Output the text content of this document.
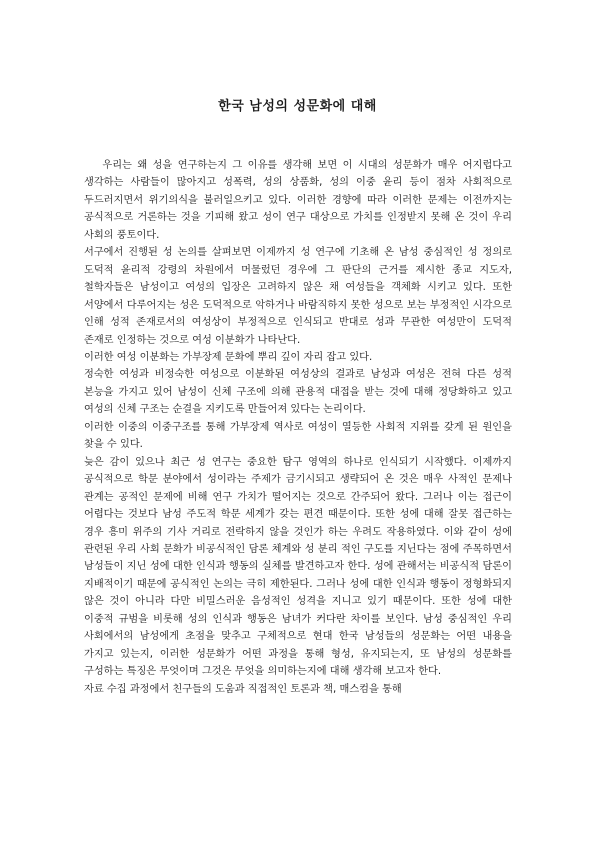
한국 남성의 성문화에 대해

우리는 왜 성을 연구하는지 그 이유를 생각해 보면 이 시대의 성문화가 매우 어지럽다고 생각하는 사람들이 많아지고 성폭력, 성의 상품화, 성의 이중 윤리 등이 점차 사회적으로 두드러지면서 위기의식을 불러일으키고 있다. 이러한 경향에 따라 이러한 문제는 이전까지는 공식적으로 거론하는 것을 기피해 왔고 성이 연구 대상으로 가치를 인정받지 못해 온 것이 우리 사회의 풍토이다.

서구에서 진행된 성 논의를 살펴보면 이제까지 성 연구에 기초해 온 남성 중심적인 성 정의로 도덕적 윤리적 강령의 차원에서 머물렀던 경우에 그 판단의 근거를 제시한 종교 지도자, 철학자들은 남성이고 여성의 입장은 고려하지 않은 채 여성들을 객체화 시키고 있다. 또한 서양에서 다루어지는 성은 도덕적으로 악하거나 바람직하지 못한 성으로 보는 부정적인 시각으로 인해 성적 존재로서의 여성상이 부정적으로 인식되고 반대로 성과 무관한 여성만이 도덕적 존재로 인정하는 것으로 여성 이분화가 나타난다.

이러한 여성 이분화는 가부장제 문화에 뿌리 깊이 자리 잡고 있다.

정숙한 여성과 비정숙한 여성으로 이분화된 여성상의 결과로 남성과 여성은 전혀 다른 성적 본능을 가지고 있어 남성이 신체 구조에 의해 관용적 대접을 받는 것에 대해 정당화하고 있고 여성의 신체 구조는 순결을 지키도록 만들어져 있다는 논리이다.

이러한 이중의 이중구조를 통해 가부장제 역사로 여성이 열등한 사회적 지위를 갖게 된 원인을 찾을 수 있다.

늦은 감이 있으나 최근 성 연구는 중요한 탐구 영역의 하나로 인식되기 시작했다. 이제까지 공식적으로 학문 분야에서 성이라는 주제가 금기시되고 생략되어 온 것은 매우 사적인 문제나 관계는 공적인 문제에 비해 연구 가치가 떨어지는 것으로 간주되어 왔다. 그러나 이는 접근이 어렵다는 것보다 남성 주도적 학문 세계가 갖는 편견 때문이다. 또한 성에 대해 잘못 접근하는 경우 흥미 위주의 기사 거리로 전락하지 않을 것인가 하는 우려도 작용하였다. 이와 같이 성에 관련된 우리 사회 문화가 비공식적인 담론 체계와 성 분리 적인 구도를 지닌다는 점에 주목하면서 남성들이 지닌 성에 대한 인식과 행동의 실체를 발견하고자 한다. 성에 관해서는 비공식적 담론이 지배적이기 때문에 공식적인 논의는 극히 제한된다. 그러나 성에 대한 인식과 행동이 정형화되지 않은 것이 아니라 다만 비밀스러운 음성적인 성격을 지니고 있기 때문이다. 또한 성에 대한 이중적 규범을 비롯해 성의 인식과 행동은 남녀가 커다란 차이를 보인다. 남성 중심적인 우리 사회에서의 남성에게 초점을 맞추고 구체적으로 현대 한국 남성들의 성문화는 어떤 내용을 가지고 있는지, 이러한 성문화가 어떤 과정을 통해 형성, 유지되는지, 또 남성의 성문화를 구성하는 특징은 무엇이며 그것은 무엇을 의미하는지에 대해 생각해 보고자 한다.

자료 수집 과정에서 친구들의 도움과 직접적인 토론과 책, 매스컴을 통해
